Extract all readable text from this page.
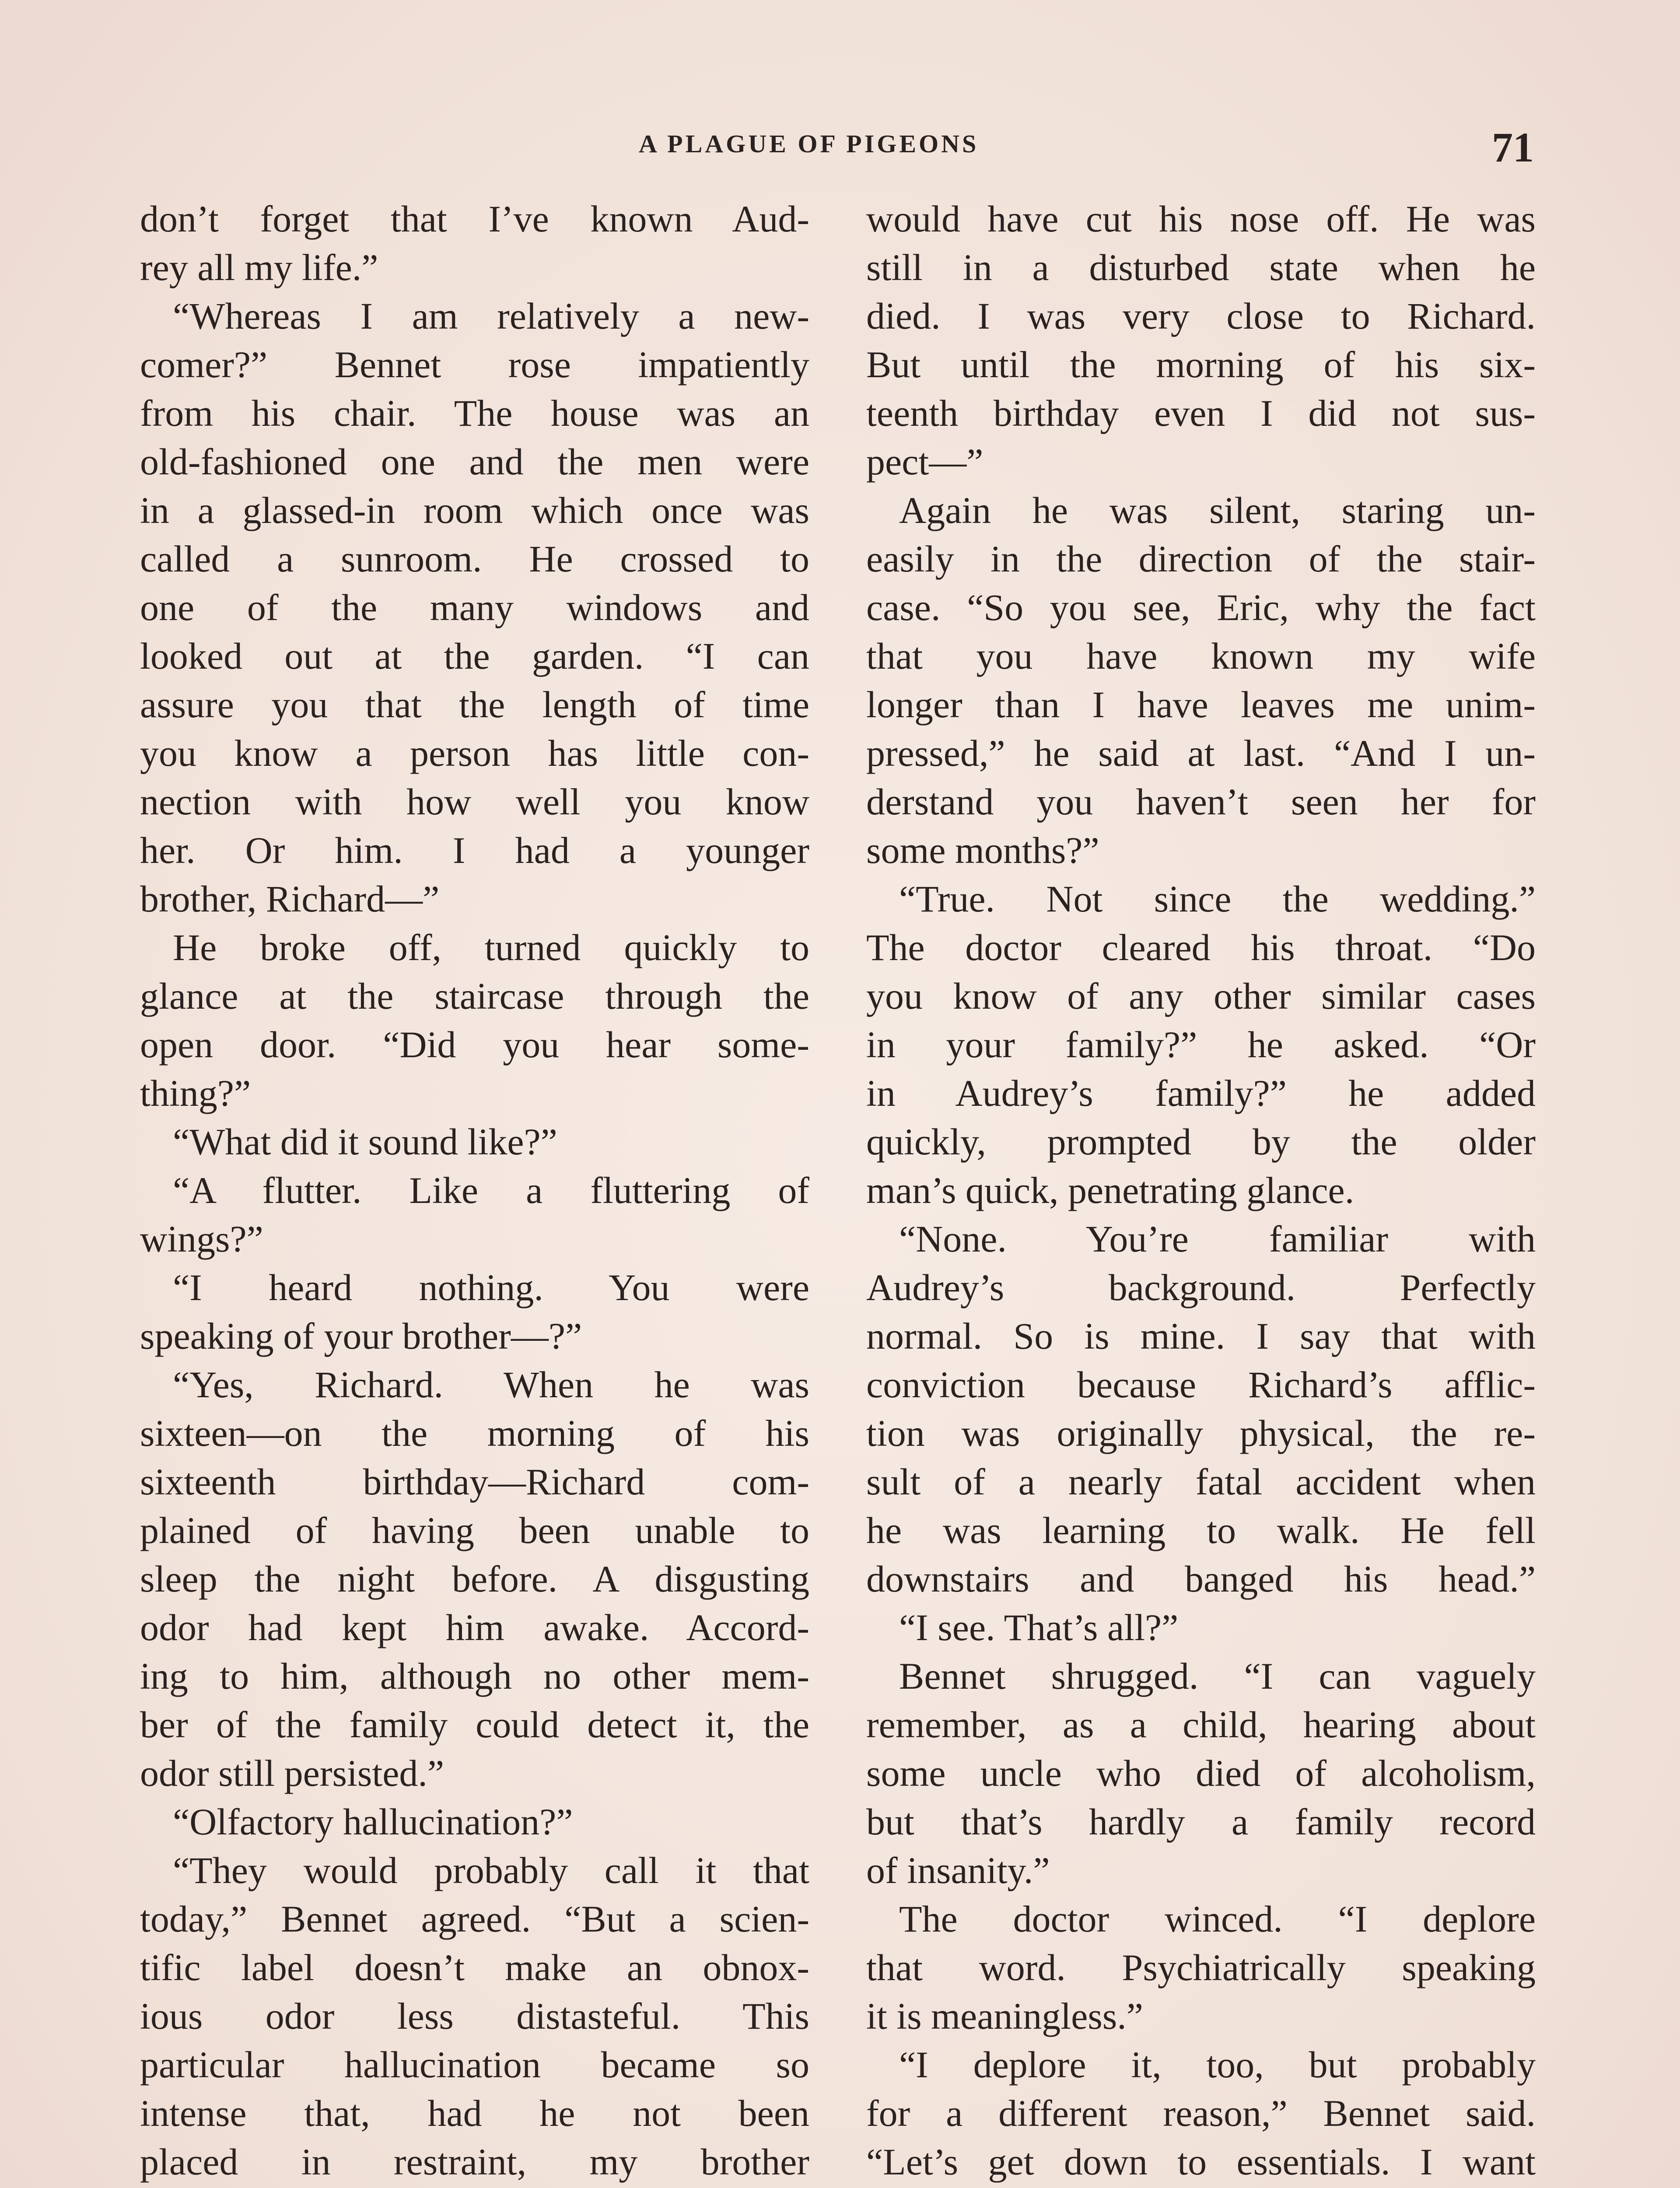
A PLAGUE OF PIGEONS	71
don’t forget that I’ve known Aud-
rey all my life.”
“Whereas I am relatively a new-
comer?” Bennet rose impatiently
from his chair. The house was an
old-fashioned one and the men were
in a glassed-in room which once was
called a sunroom. He crossed to
one of the many windows and
looked out at the garden. “I can
assure you that the length of time
you know a person has little con-
nection with how well you know
her. Or him. I had a younger
brother, Richard—”
He broke off, turned quickly to
glance at the staircase through the
open door. “Did you hear some-
thing?”
“What did it sound like?”
“A flutter. Like a fluttering of
wings?”
“I heard nothing. You were
speaking of your brother—?”
“Yes, Richard. When he was
sixteen—on the morning of his
sixteenth birthday—Richard com-
plained of having been unable to
sleep the night before. A disgusting
odor had kept him awake. Accord-
ing to him, although no other mem-
ber of the family could detect it, the
odor still persisted.”
“Olfactory hallucination?”
“They would probably call it that
today,” Bennet agreed. “But a scien-
tific label doesn’t make an obnox-
ious odor less distasteful. This
particular hallucination became so
intense that, had he not been
placed in restraint, my brother
would have cut his nose off. He was
still in a disturbed state when he
died. I was very close to Richard.
But until the morning of his six-
teenth birthday even I did not sus-
pect—”
Again he was silent, staring un-
easily in the direction of the stair-
case. “So you see, Eric, why the fact
that you have known my wife
longer than I have leaves me unim-
pressed,” he said at last. “And I un-
derstand you haven’t seen her for
some months?”
“True. Not since the wedding.”
The doctor cleared his throat. “Do
you know of any other similar cases
in your family?” he asked. “Or
in Audrey’s family?” he added
quickly, prompted by the older
man’s quick, penetrating glance.
“None. You’re familiar with
Audrey’s background. Perfectly
normal. So is mine. I say that with
conviction because Richard’s afflic-
tion was originally physical, the re-
sult of a nearly fatal accident when
he was learning to walk. He fell
downstairs and banged his head.”
“I see. That’s all?”
Bennet shrugged. “I can vaguely
remember, as a child, hearing about
some uncle who died of alcoholism,
but that’s hardly a family record
of insanity.”
The doctor winced. “I deplore
that word. Psychiatrically speaking
it is meaningless.”
“I deplore it, too, but probably
for a different reason,” Bennet said.
“Let’s get down to essentials. I want
